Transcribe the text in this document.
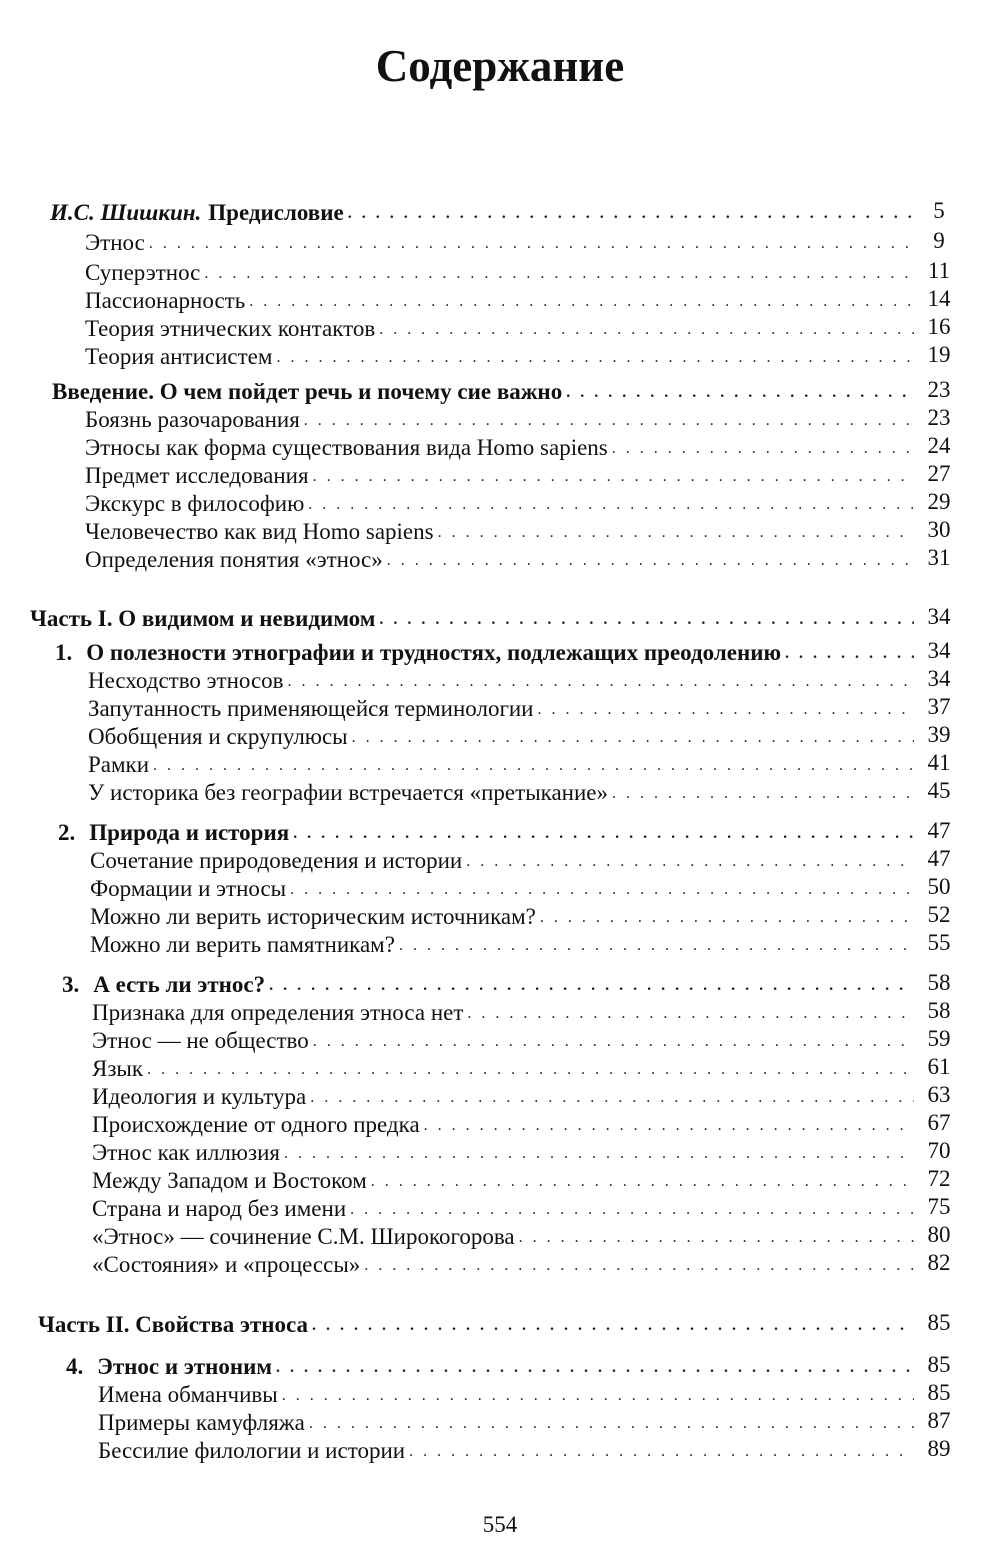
Содержание
И.С. Шишкин. Предисловие . . .	5
Этнос . . .	9
Суперэтнос . . .	11
Пассионарность . . .	14
Теория этнических контактов . . .	16
Теория антисистем . . .	19
Введение. О чем пойдет речь и почему сие важно . . .	23
Боязнь разочарования . . .	23
Этносы как форма существования вида Homo sapiens . . .	24
Предмет исследования . . .	27
Экскурс в философию . . .	29
Человечество как вид Homo sapiens . . .	30
Определения понятия «этнос» . . .	31
Часть I. О видимом и невидимом . . .	34
1. О полезности этнографии и трудностях, подлежащих преодолению . . .	34
Несходство этносов . . .	34
Запутанность применяющейся терминологии . . .	37
Обобщения и скрупулюсы . . .	39
Рамки . . .	41
У историка без географии встречается «претыкание» . . .	45
2. Природа и история . . .	47
Сочетание природоведения и истории . . .	47
Формации и этносы . . .	50
Можно ли верить историческим источникам? . . .	52
Можно ли верить памятникам? . . .	55
3. А есть ли этнос? . . .	58
Признака для определения этноса нет . . .	58
Этнос — не общество . . .	59
Язык . . .	61
Идеология и культура . . .	63
Происхождение от одного предка . . .	67
Этнос как иллюзия . . .	70
Между Западом и Востоком . . .	72
Страна и народ без имени . . .	75
«Этнос» — сочинение С.М. Широкогорова . . .	80
«Состояния» и «процессы» . . .	82
Часть II. Свойства этноса . . .	85
4. Этнос и этноним . . .	85
Имена обманчивы . . .	85
Примеры камуфляжа . . .	87
Бессилие филологии и истории . . .	89
554
